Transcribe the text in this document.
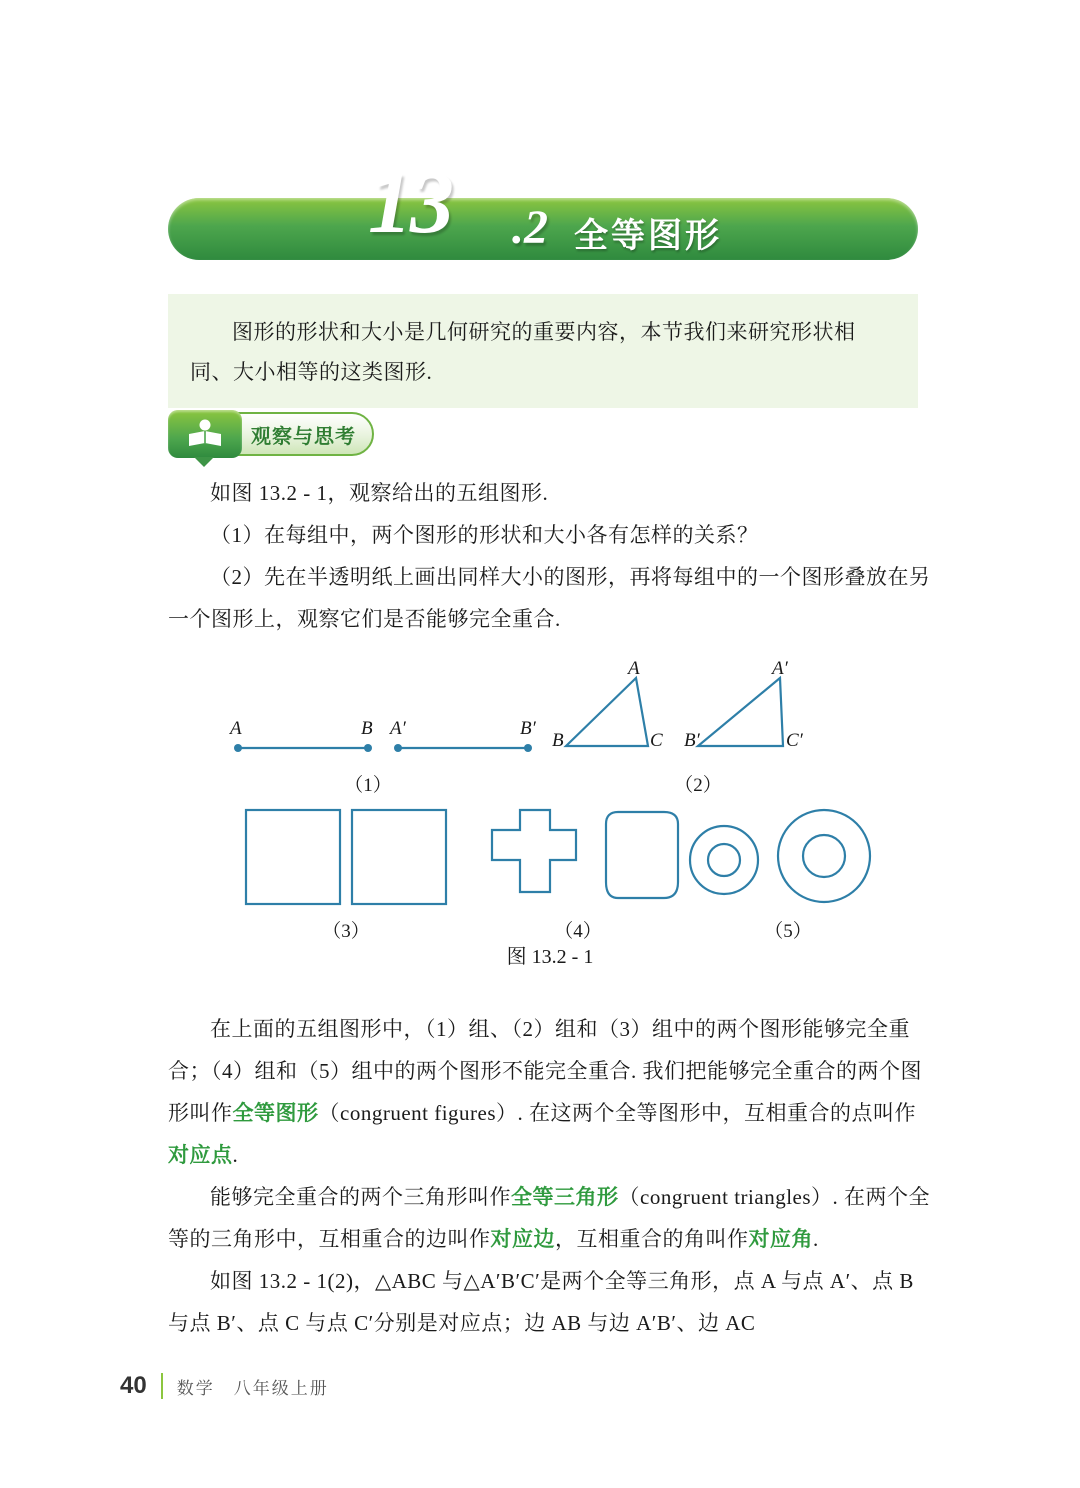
13 .2 全等图形

图形的形状和大小是几何研究的重要内容，本节我们来研究形状相同、大小相等的这类图形.

观察与思考

如图 13.2 - 1，观察给出的五组图形.

（1）在每组中，两个图形的形状和大小各有怎样的关系？

（2）先在半透明纸上画出同样大小的图形，再将每组中的一个图形叠放在另一个图形上，观察它们是否能够完全重合.

A	B A′	B′
（1）
A
B	C
A′
B′	C′
（2）
（3）	（4）	（5）
图 13.2 - 1

在上面的五组图形中，（1）组、（2）组和（3）组中的两个图形能够完全重合；（4）组和（5）组中的两个图形不能完全重合. 我们把能够完全重合的两个图形叫作全等图形（congruent figures）. 在这两个全等图形中，互相重合的点叫作对应点.

能够完全重合的两个三角形叫作全等三角形（congruent triangles）. 在两个全等的三角形中，互相重合的边叫作对应边，互相重合的角叫作对应角.

如图 13.2 - 1(2)，△ABC 与△A′B′C′是两个全等三角形，点 A 与点 A′、点 B 与点 B′、点 C 与点 C′分别是对应点；边 AB 与边 A′B′、边 AC

40 数学　八年级上册
